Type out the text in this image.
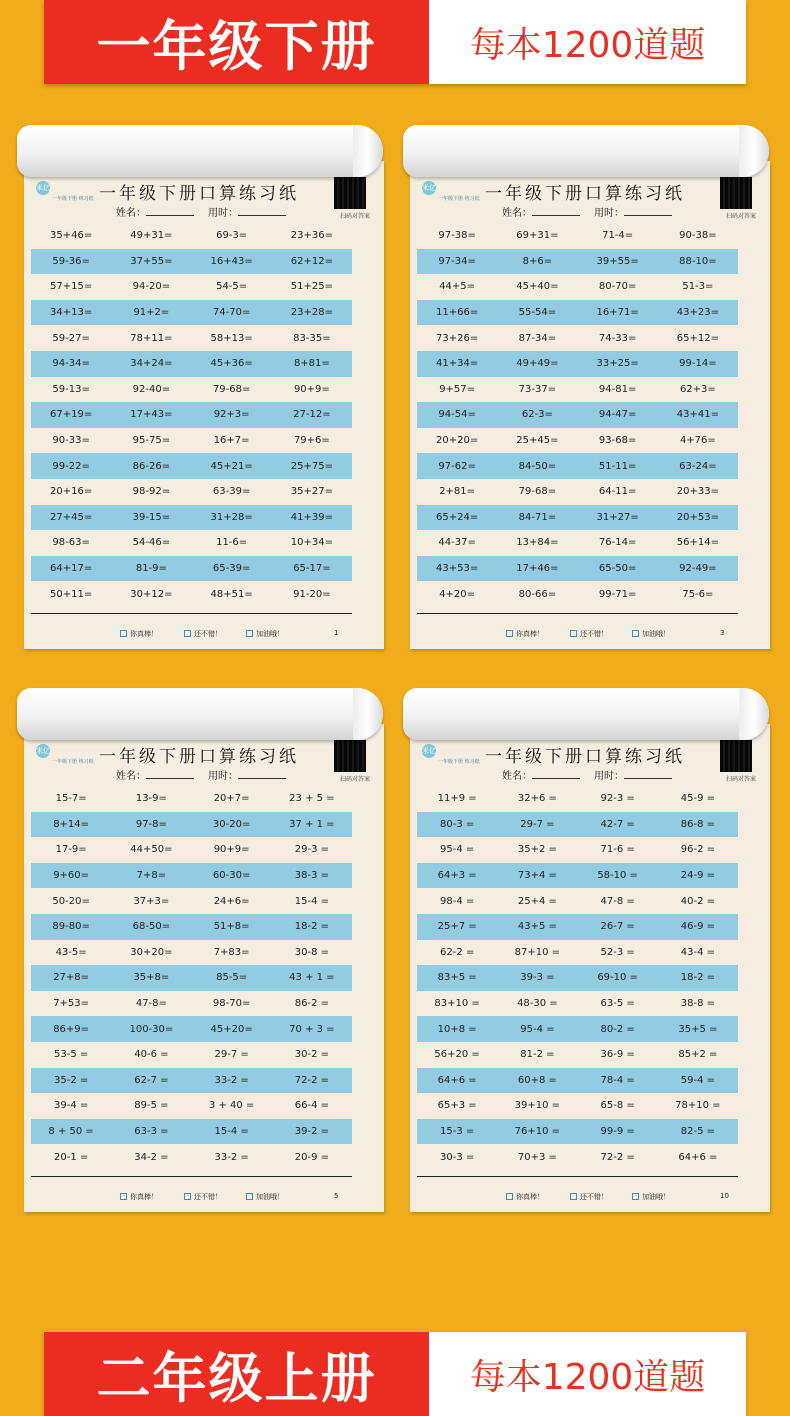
一年级下册	每本1200道题
米亿
一年级下册 练习纸 一年级下册口算练习纸
扫码对答案
姓名：	用时：
35+46=	49+31=	69-3=	23+36=
59-36=	37+55=	16+43=	62+12=
57+15=	94-20=	54-5=	51+25=
34+13=	91+2=	74-70=	23+28=
59-27=	78+11=	58+13=	83-35=
94-34=	34+24=	45+36=	8+81=
59-13=	92-40=	79-68=	90+9=
67+19=	17+43=	92+3=	27-12=
90-33=	95-75=	16+7=	79+6=
99-22=	86-26=	45+21=	25+75=
20+16=	98-92=	63-39=	35+27=
27+45=	39-15=	31+28=	41+39=
98-63=	54-46=	11-6=	10+34=
64+17=	81-9=	65-39=	65-17=
50+11=	30+12=	48+51=	91-20=
你真棒！	还不错！	加油哦！	1
米亿
一年级下册 练习纸 一年级下册口算练习纸
扫码对答案
姓名：	用时：
97-38=	69+31=	71-4=	90-38=
97-34=	8+6=	39+55=	88-10=
44+5=	45+40=	80-70=	51-3=
11+66=	55-54=	16+71=	43+23=
73+26=	87-34=	74-33=	65+12=
41+34=	49+49=	33+25=	99-14=
9+57=	73-37=	94-81=	62+3=
94-54=	62-3=	94-47=	43+41=
20+20=	25+45=	93-68=	4+76=
97-62=	84-50=	51-11=	63-24=
2+81=	79-68=	64-11=	20+33=
65+24=	84-71=	31+27=	20+53=
44-37=	13+84=	76-14=	56+14=
43+53=	17+46=	65-50=	92-49=
4+20=	80-66=	99-71=	75-6=
你真棒！	还不错！	加油哦！	3
米亿
一年级下册 练习纸 一年级下册口算练习纸
扫码对答案
姓名：	用时：
15-7=	13-9=	20+7=	23 + 5 =
8+14=	97-8=	30-20=	37 + 1 =
17-9=	44+50=	90+9=	29-3 =
9+60=	7+8=	60-30=	38-3 =
50-20=	37+3=	24+6=	15-4 =
89-80=	68-50=	51+8=	18-2 =
43-5=	30+20=	7+83=	30-8 =
27+8=	35+8=	85-5=	43 + 1 =
7+53=	47-8=	98-70=	86-2 =
86+9=	100-30=	45+20=	70 + 3 =
53-5 =	40-6 =	29-7 =	30-2 =
35-2 =	62-7 =	33-2 =	72-2 =
39-4 =	89-5 =	3 + 40 =	66-4 =
8 + 50 =	63-3 =	15-4 =	39-2 =
20-1 =	34-2 =	33-2 =	20-9 =
你真棒！	还不错！	加油哦！	5
米亿
一年级下册 练习纸 一年级下册口算练习纸
扫码对答案
姓名：	用时：
11+9 =	32+6 =	92-3 =	45-9 =
80-3 =	29-7 =	42-7 =	86-8 =
95-4 =	35+2 =	71-6 =	96-2 =
64+3 =	73+4 =	58-10 =	24-9 =
98-4 =	25+4 =	47-8 =	40-2 =
25+7 =	43+5 =	26-7 =	46-9 =
62-2 =	87+10 =	52-3 =	43-4 =
83+5 =	39-3 =	69-10 =	18-2 =
83+10 =	48-30 =	63-5 =	38-8 =
10+8 =	95-4 =	80-2 =	35+5 =
56+20 =	81-2 =	36-9 =	85+2 =
64+6 =	60+8 =	78-4 =	59-4 =
65+3 =	39+10 =	65-8 =	78+10 =
15-3 =	76+10 =	99-9 =	82-5 =
30-3 =	70+3 =	72-2 =	64+6 =
你真棒！	还不错！	加油哦！	10
二年级上册	每本1200道题
